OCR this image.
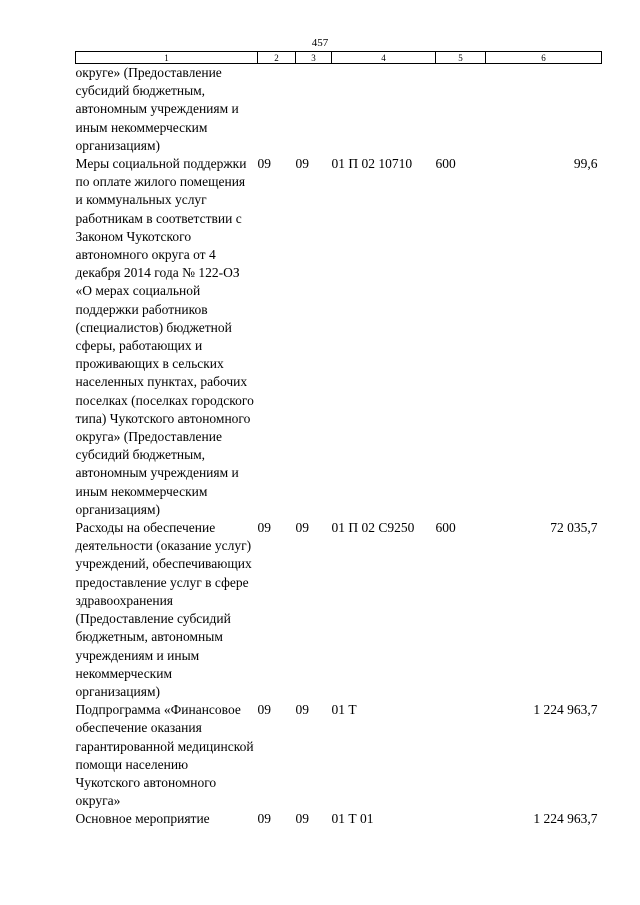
457
1	2	3	4	5	6
округе» (Предоставление субсидий бюджетным, автономным учреждениям и иным некоммерческим организациям)					
Меры социальной поддержки по оплате жилого помещения и коммунальных услуг работникам в соответствии с Законом Чукотского автономного округа от 4 декабря 2014 года № 122-ОЗ «О мерах социальной поддержки работников (специалистов) бюджетной сферы, работающих и проживающих в сельских населенных пунктах, рабочих поселках (поселках городского типа) Чукотского автономного округа» (Предоставление субсидий бюджетным, автономным учреждениям и иным некоммерческим организациям)	09	09	01 П 02 10710	600	99,6
Расходы на обеспечение деятельности (оказание услуг) учреждений, обеспечивающих предоставление услуг в сфере здравоохранения (Предоставление субсидий бюджетным, автономным учреждениям и иным некоммерческим организациям)	09	09	01 П 02 С9250	600	72 035,7
Подпрограмма «Финансовое обеспечение оказания гарантированной медицинской помощи населению Чукотского автономного округа»	09	09	01 Т		1 224 963,7
Основное мероприятие	09	09	01 Т 01		1 224 963,7
